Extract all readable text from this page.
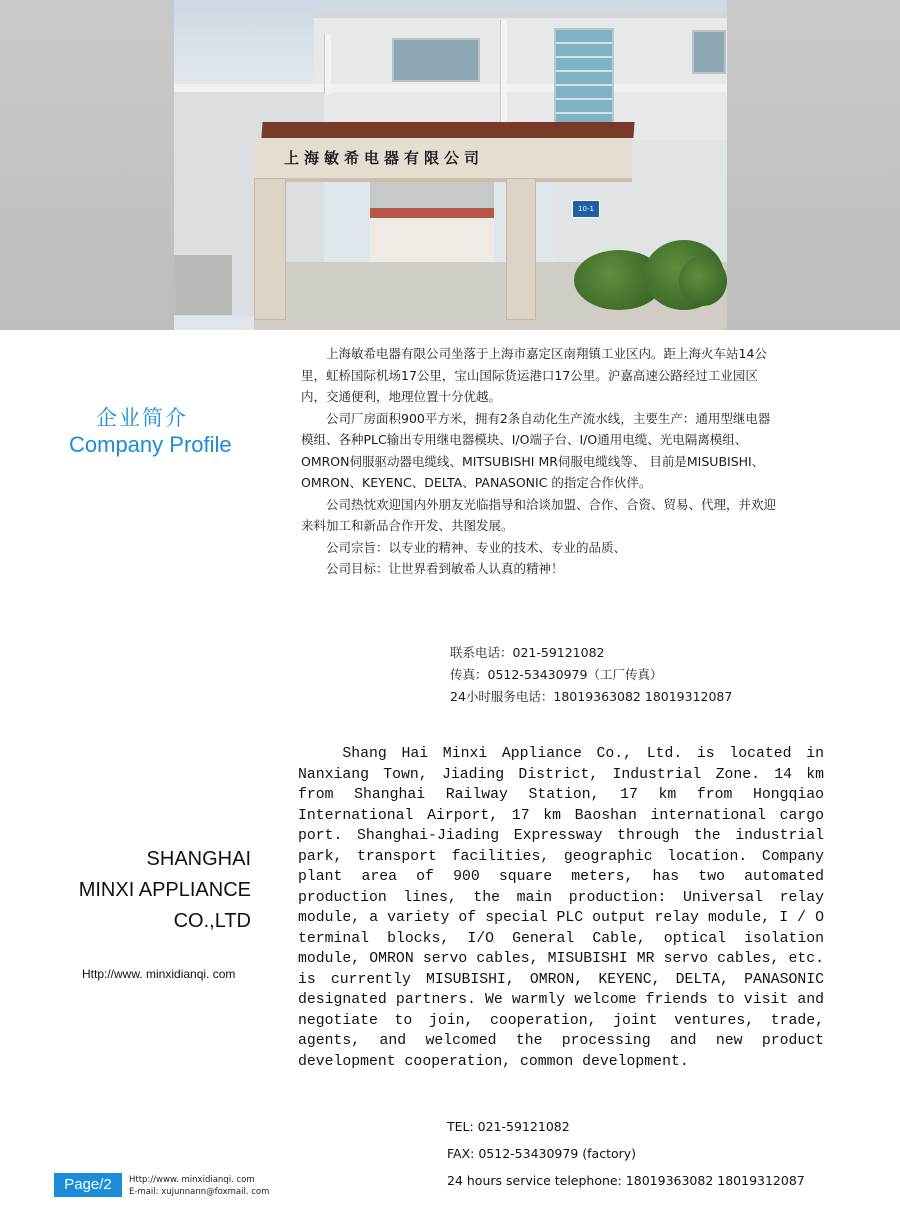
上海敏希电器有限公司
10-1
企业简介
Company Profile

上海敏希电器有限公司坐落于上海市嘉定区南翔镇工业区内。距上海火车站14公里，虹桥国际机场17公里，宝山国际货运港口17公里。沪嘉高速公路经过工业园区内，交通便利，地理位置十分优越。

公司厂房面积900平方米，拥有2条自动化生产流水线，主要生产：通用型继电器模组、各种PLC输出专用继电器模块、I/O端子台、I/O通用电缆、光电隔离模组、OMRON伺服驱动器电缆线、MITSUBISHI MR伺服电缆线等、 目前是MISUBISHI、OMRON、KEYENC、DELTA、PANASONIC 的指定合作伙伴。

公司热忱欢迎国内外朋友光临指导和洽谈加盟、合作、合资、贸易、代理，并欢迎来料加工和新品合作开发、共图发展。

公司宗旨：以专业的精神、专业的技术、专业的品质、

公司目标：让世界看到敏希人认真的精神！

联系电话：021-59121082
传真：0512-53430979（工厂传真）
24小时服务电话：18019363082 18019312087
SHANGHAI
MINXI APPLIANCE
CO.,LTD
Http://www. minxidianqi. com

Shang Hai Minxi Appliance Co., Ltd. is located in Nanxiang Town, Jiading District, Industrial Zone. 14 km from Shanghai Railway Station, 17 km from Hongqiao International Airport, 17 km Baoshan international cargo port. Shanghai-Jiading Expressway through the industrial park, transport facilities, geographic location. Company plant area of 900 square meters, has two automated production lines, the main production: Universal relay module, a variety of special PLC output relay module, I / O terminal blocks, I/O General Cable, optical isolation module, OMRON servo cables, MISUBISHI MR servo cables, etc. is currently MISUBISHI, OMRON, KEYENC, DELTA, PANASONIC designated partners. We warmly welcome friends to visit and negotiate to join, cooperation, joint ventures, trade, agents, and welcomed the processing and new product development cooperation, common development.

TEL: 021-59121082
FAX: 0512-53430979 (factory)
24 hours service telephone: 18019363082 18019312087
Page/2	Http://www. minxidianqi. com
E-mail: xujunnann@foxmail. com
